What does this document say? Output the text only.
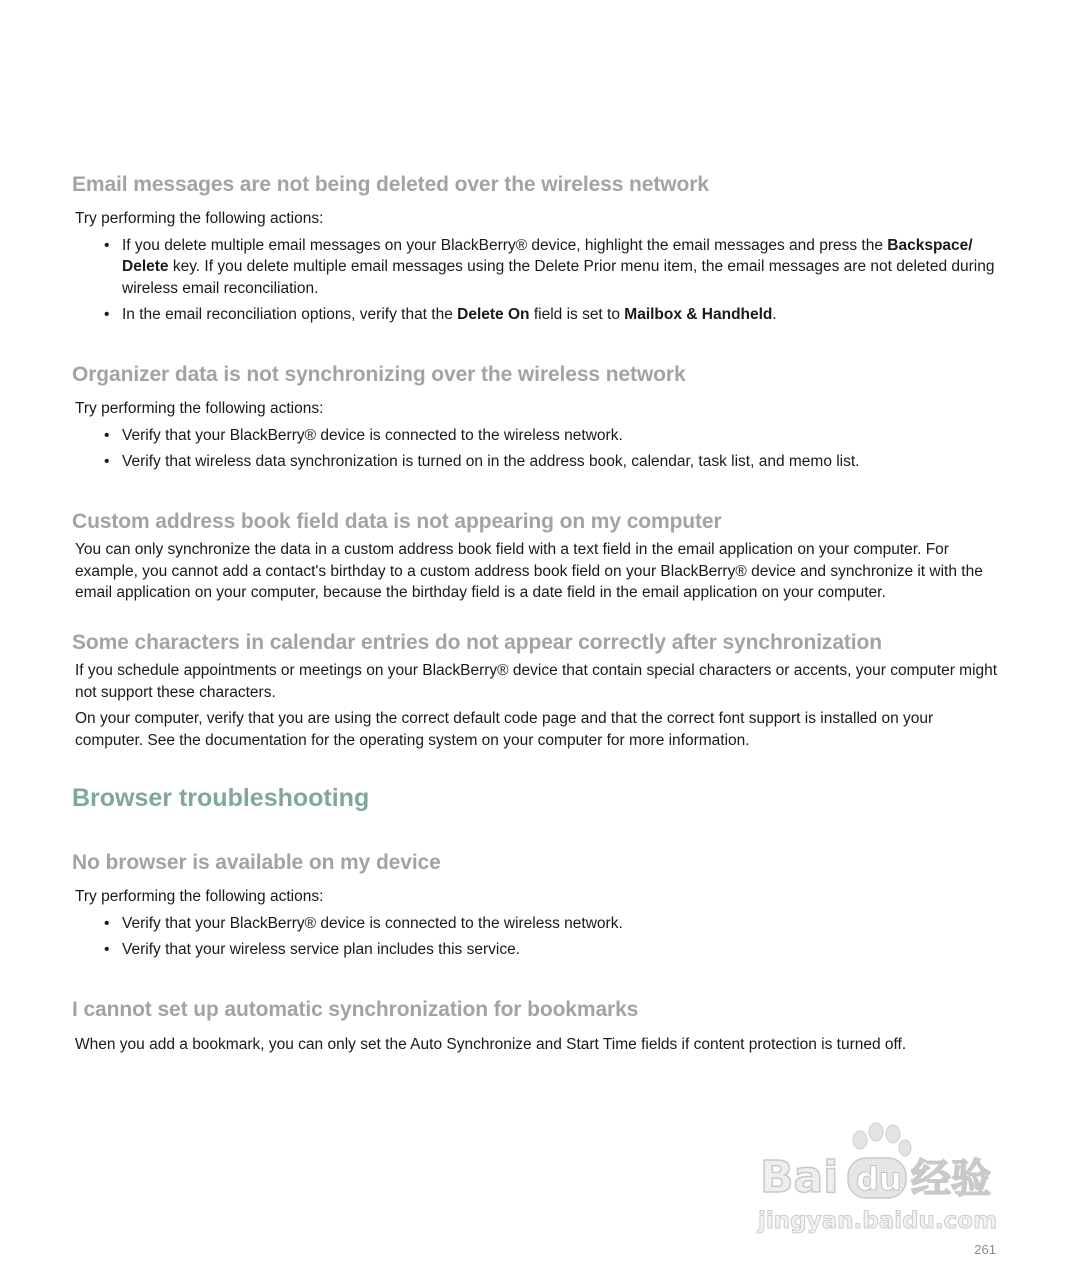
Email messages are not being deleted over the wireless network

Try performing the following actions:

• If you delete multiple email messages on your BlackBerry® device, highlight the email messages and press the Backspace/ Delete key. If you delete multiple email messages using the Delete Prior menu item, the email messages are not deleted during wireless email reconciliation.
• In the email reconciliation options, verify that the Delete On field is set to Mailbox & Handheld.
Organizer data is not synchronizing over the wireless network

Try performing the following actions:

• Verify that your BlackBerry® device is connected to the wireless network.
• Verify that wireless data synchronization is turned on in the address book, calendar, task list, and memo list.
Custom address book field data is not appearing on my computer

You can only synchronize the data in a custom address book field with a text field in the email application on your computer. For example, you cannot add a contact's birthday to a custom address book field on your BlackBerry® device and synchronize it with the email application on your computer, because the birthday field is a date field in the email application on your computer.

Some characters in calendar entries do not appear correctly after synchronization

If you schedule appointments or meetings on your BlackBerry® device that contain special characters or accents, your computer might not support these characters.

On your computer, verify that you are using the correct default code page and that the correct font support is installed on your computer. See the documentation for the operating system on your computer for more information.

Browser troubleshooting
No browser is available on my device

Try performing the following actions:

• Verify that your BlackBerry® device is connected to the wireless network.
• Verify that your wireless service plan includes this service.
I cannot set up automatic synchronization for bookmarks

When you add a bookmark, you can only set the Auto Synchronize and Start Time fields if content protection is turned off.

Bai du 经验
jingyan.baidu.com
261
